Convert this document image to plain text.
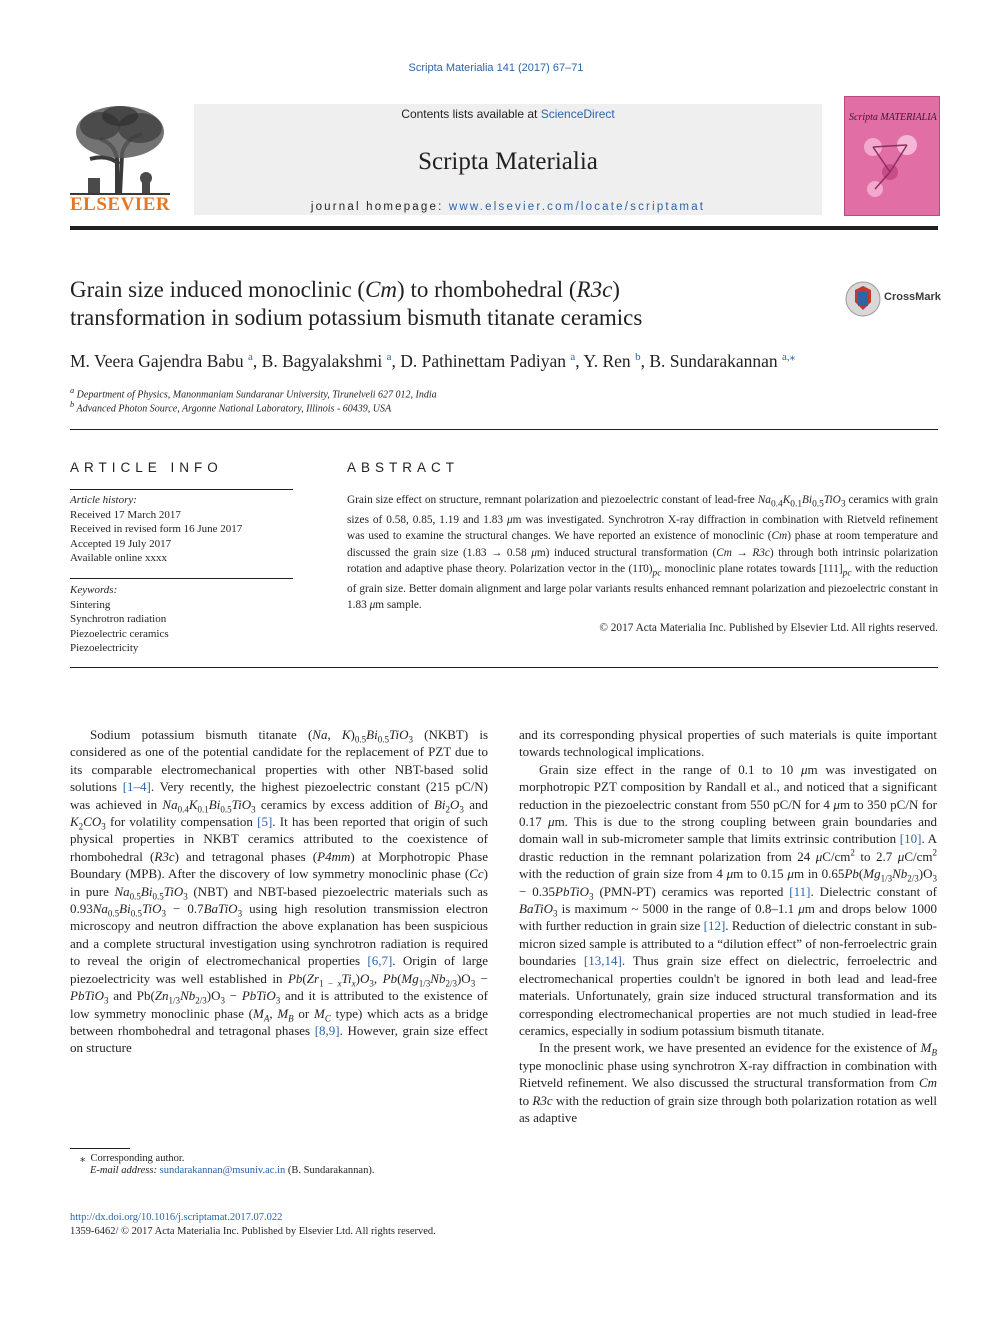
Scripta Materialia 141 (2017) 67–71
ELSEVIER
Contents lists available at ScienceDirect
Scripta Materialia
journal homepage: www.elsevier.com/locate/scriptamat
Scripta MATERIALIA
Grain size induced monoclinic (Cm) to rhombohedral (R3c)
transformation in sodium potassium bismuth titanate ceramics
CrossMark
M. Veera Gajendra Babu $^a$, B. Bagyalakshmi $^a$, D. Pathinettam Padiyan $^a$, Y. Ren $^b$, B. Sundarakannan $^{a,⁎}$
$^a$ Department of Physics, Manonmaniam Sundaranar University, Tirunelveli 627 012, India
$^b$ Advanced Photon Source, Argonne National Laboratory, Illinois - 60439, USA
ARTICLE INFO
Article history:
Received 17 March 2017
Received in revised form 16 June 2017
Accepted 19 July 2017
Available online xxxx
Keywords:
Sintering
Synchrotron radiation
Piezoelectric ceramics
Piezoelectricity
ABSTRACT
Grain size effect on structure, remnant polarization and piezoelectric constant of lead-free $Na_{0.4}K_{0.1}Bi_{0.5}TiO_3$ ceramics with grain sizes of 0.58, 0.85, 1.19 and 1.83 μm was investigated. Synchrotron X-ray diffraction in combination with Rietveld refinement was used to examine the structural changes. We have reported an existence of monoclinic (Cm) phase at room temperature and discussed the grain size (1.83 → 0.58 μm) induced structural transformation (Cm → R3c) through both intrinsic polarization rotation and adaptive phase theory. Polarization vector in the $(11̄0)_{pc}$ monoclinic plane rotates towards $[111]_{pc}$ with the reduction of grain size. Better domain alignment and large polar variants results enhanced remnant polarization and piezoelectric constant in 1.83 μm sample.
© 2017 Acta Materialia Inc. Published by Elsevier Ltd. All rights reserved.

Sodium potassium bismuth titanate (Na, $K)_{0.5}Bi_{0.5}TiO_3$ (NKBT) is considered as one of the potential candidate for the replacement of PZT due to its comparable electromechanical properties with other NBT-based solid solutions [1–4]. Very recently, the highest piezoelectric constant (215 pC/N) was achieved in $Na_{0.4}K_{0.1}Bi_{0.5}TiO_3$ ceramics by excess addition of $Bi_2O_3$ and $K_2CO_3$ for volatility compensation [5]. It has been reported that origin of such physical properties in NKBT ceramics attributed to the coexistence of rhombohedral (R3c) and tetragonal phases (P4mm) at Morphotropic Phase Boundary (MPB). After the discovery of low symmetry monoclinic phase (Cc) in pure $Na_{0.5}Bi_{0.5}TiO_3$ (NBT) and NBT-based piezoelectric materials such as $0.93Na_{0.5}Bi_{0.5}TiO_3$ − 0.7BaTiO$_3$ using high resolution transmission electron microscopy and neutron diffraction the above explanation has been suspicious and a complete structural investigation using synchrotron radiation is required to reveal the origin of electromechanical properties [6,7]. Origin of large piezoelectricity was well established in $Pb(Zr_{1 - x}Ti_x)O_3$, $Pb(Mg_{1/3}Nb_{2/3})O_3$ − PbTiO$_3$ and $Pb(Zn_{1/3}Nb_{2/3})O_3$ − PbTiO$_3$ and it is attributed to the existence of low symmetry monoclinic phase ($M_A$, $M_B$ or $M_C$ type) which acts as a bridge between rhombohedral and tetragonal phases [8,9]. However, grain size effect on structure

and its corresponding physical properties of such materials is quite important towards technological implications.

Grain size effect in the range of 0.1 to 10 μm was investigated on morphotropic PZT composition by Randall et al., and noticed that a significant reduction in the piezoelectric constant from 550 pC/N for 4 μm to 350 pC/N for 0.17 μm. This is due to the strong coupling between grain boundaries and domain wall in sub-micrometer sample that limits extrinsic contribution [10]. A drastic reduction in the remnant polarization from 24 $\mu C/cm^2$ to 2.7 $\mu C/cm^2$ with the reduction of grain size from 4 μm to 0.15 μm in $0.65Pb(Mg_{1/3}Nb_{2/3})O_3$ − 0.35PbTiO$_3$ (PMN-PT) ceramics was reported [11]. Dielectric constant of BaTiO$_3$ is maximum ~ 5000 in the range of 0.8–1.1 μm and drops below 1000 with further reduction in grain size [12]. Reduction of dielectric constant in sub-micron sized sample is attributed to a “dilution effect” of non-ferroelectric grain boundaries [13,14]. Thus grain size effect on dielectric, ferroelectric and electromechanical properties couldn't be ignored in both lead and lead-free materials. Unfortunately, grain size induced structural transformation and its corresponding electromechanical properties are not much studied in lead-free ceramics, especially in sodium potassium bismuth titanate.

In the present work, we have presented an evidence for the existence of $M_B$ type monoclinic phase using synchrotron X-ray diffraction in combination with Rietveld refinement. We also discussed the structural transformation from Cm to R3c with the reduction of grain size through both polarization rotation as well as adaptive

⁎  Corresponding author.
E-mail address: sundarakannan@msuniv.ac.in (B. Sundarakannan).
http://dx.doi.org/10.1016/j.scriptamat.2017.07.022
1359-6462/ © 2017 Acta Materialia Inc. Published by Elsevier Ltd. All rights reserved.
